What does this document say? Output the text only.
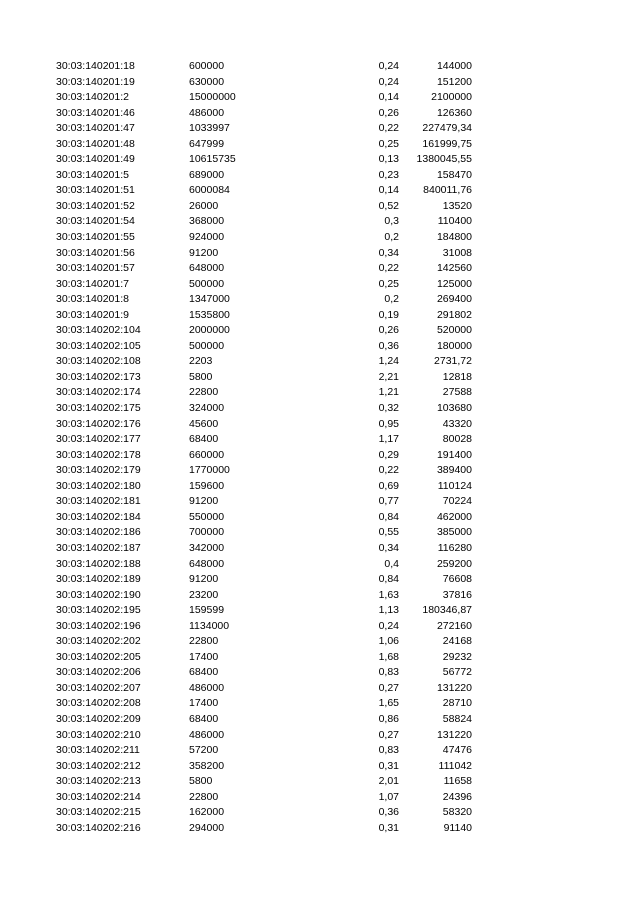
30:03:140201:18	600000	0,24	144000
30:03:140201:19	630000	0,24	151200
30:03:140201:2	15000000	0,14	2100000
30:03:140201:46	486000	0,26	126360
30:03:140201:47	1033997	0,22	227479,34
30:03:140201:48	647999	0,25	161999,75
30:03:140201:49	10615735	0,13	1380045,55
30:03:140201:5	689000	0,23	158470
30:03:140201:51	6000084	0,14	840011,76
30:03:140201:52	26000	0,52	13520
30:03:140201:54	368000	0,3	110400
30:03:140201:55	924000	0,2	184800
30:03:140201:56	91200	0,34	31008
30:03:140201:57	648000	0,22	142560
30:03:140201:7	500000	0,25	125000
30:03:140201:8	1347000	0,2	269400
30:03:140201:9	1535800	0,19	291802
30:03:140202:104	2000000	0,26	520000
30:03:140202:105	500000	0,36	180000
30:03:140202:108	2203	1,24	2731,72
30:03:140202:173	5800	2,21	12818
30:03:140202:174	22800	1,21	27588
30:03:140202:175	324000	0,32	103680
30:03:140202:176	45600	0,95	43320
30:03:140202:177	68400	1,17	80028
30:03:140202:178	660000	0,29	191400
30:03:140202:179	1770000	0,22	389400
30:03:140202:180	159600	0,69	110124
30:03:140202:181	91200	0,77	70224
30:03:140202:184	550000	0,84	462000
30:03:140202:186	700000	0,55	385000
30:03:140202:187	342000	0,34	116280
30:03:140202:188	648000	0,4	259200
30:03:140202:189	91200	0,84	76608
30:03:140202:190	23200	1,63	37816
30:03:140202:195	159599	1,13	180346,87
30:03:140202:196	1134000	0,24	272160
30:03:140202:202	22800	1,06	24168
30:03:140202:205	17400	1,68	29232
30:03:140202:206	68400	0,83	56772
30:03:140202:207	486000	0,27	131220
30:03:140202:208	17400	1,65	28710
30:03:140202:209	68400	0,86	58824
30:03:140202:210	486000	0,27	131220
30:03:140202:211	57200	0,83	47476
30:03:140202:212	358200	0,31	111042
30:03:140202:213	5800	2,01	11658
30:03:140202:214	22800	1,07	24396
30:03:140202:215	162000	0,36	58320
30:03:140202:216	294000	0,31	91140
